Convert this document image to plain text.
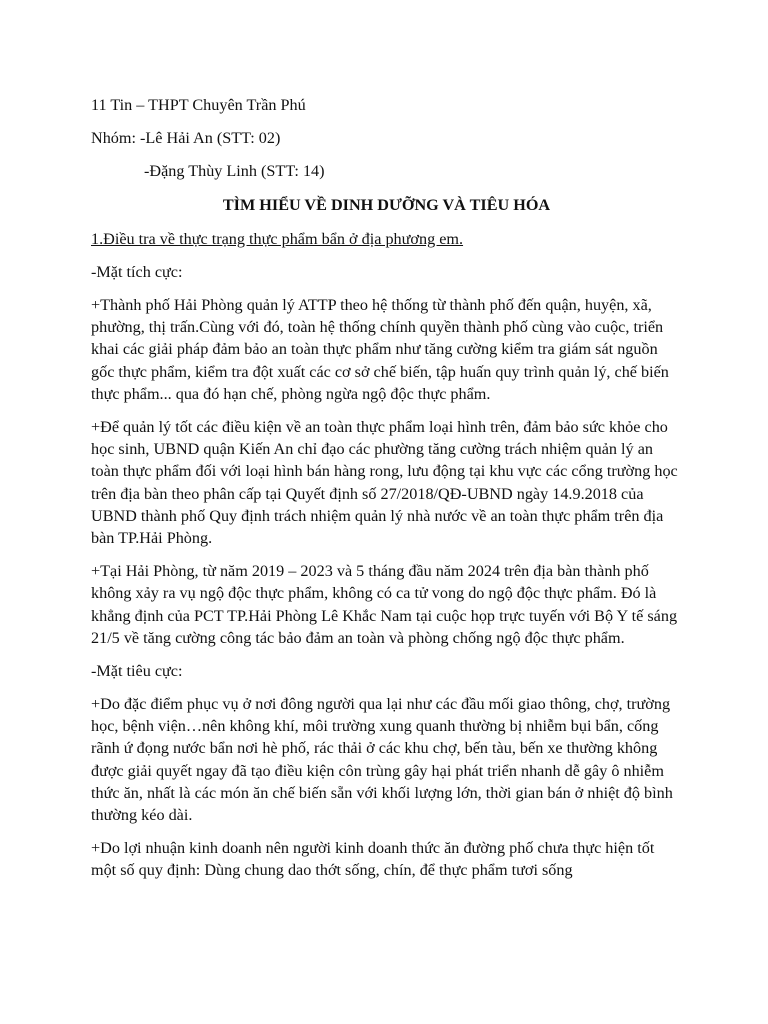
11 Tin – THPT Chuyên Trần Phú

Nhóm: -Lê Hải An (STT: 02)

-Đặng Thùy Linh (STT: 14)

TÌM HIỂU VỀ DINH DƯỠNG VÀ TIÊU HÓA

1.Điều tra về thực trạng thực phẩm bẩn ở địa phương em.

-Mặt tích cực:

+Thành phố Hải Phòng quản lý ATTP theo hệ thống từ thành phố đến quận, huyện, xã, phường, thị trấn.Cùng với đó, toàn hệ thống chính quyền thành phố cùng vào cuộc, triển khai các giải pháp đảm bảo an toàn thực phẩm như tăng cường kiểm tra giám sát nguồn gốc thực phẩm, kiểm tra đột xuất các cơ sở chế biến, tập huấn quy trình quản lý, chế biến thực phẩm... qua đó hạn chế, phòng ngừa ngộ độc thực phẩm.

+Để quản lý tốt các điều kiện về an toàn thực phẩm loại hình trên, đảm bảo sức khỏe cho học sinh, UBND quận Kiến An chỉ đạo các phường tăng cường trách nhiệm quản lý an toàn thực phẩm đối với loại hình bán hàng rong, lưu động tại khu vực các cổng trường học trên địa bàn theo phân cấp tại Quyết định số 27/2018/QĐ-UBND ngày 14.9.2018 của UBND thành phố Quy định trách nhiệm quản lý nhà nước về an toàn thực phẩm trên địa bàn TP.Hải Phòng.

+Tại Hải Phòng, từ năm 2019 – 2023 và 5 tháng đầu năm 2024 trên địa bàn thành phố không xảy ra vụ ngộ độc thực phẩm, không có ca tử vong do ngộ độc thực phẩm. Đó là khẳng định của PCT TP.Hải Phòng Lê Khắc Nam tại cuộc họp trực tuyến với Bộ Y tế sáng 21/5 về tăng cường công tác bảo đảm an toàn và phòng chống ngộ độc thực phẩm.

-Mặt tiêu cực:

+Do đặc điểm phục vụ ở nơi đông người qua lại như các đầu mối giao thông, chợ, trường học, bệnh viện…nên không khí, môi trường xung quanh thường bị nhiễm bụi bẩn, cống rãnh ứ đọng nước bẩn nơi hè phố, rác thải ở các khu chợ, bến tàu, bến xe thường không được giải quyết ngay đã tạo điều kiện côn trùng gây hại phát triển nhanh dễ gây ô nhiễm thức ăn, nhất là các món ăn chế biến sẵn với khối lượng lớn, thời gian bán ở nhiệt độ bình thường kéo dài.

+Do lợi nhuận kinh doanh nên người kinh doanh thức ăn đường phố chưa thực hiện tốt một số quy định: Dùng chung dao thớt sống, chín, để thực phẩm tươi sống
